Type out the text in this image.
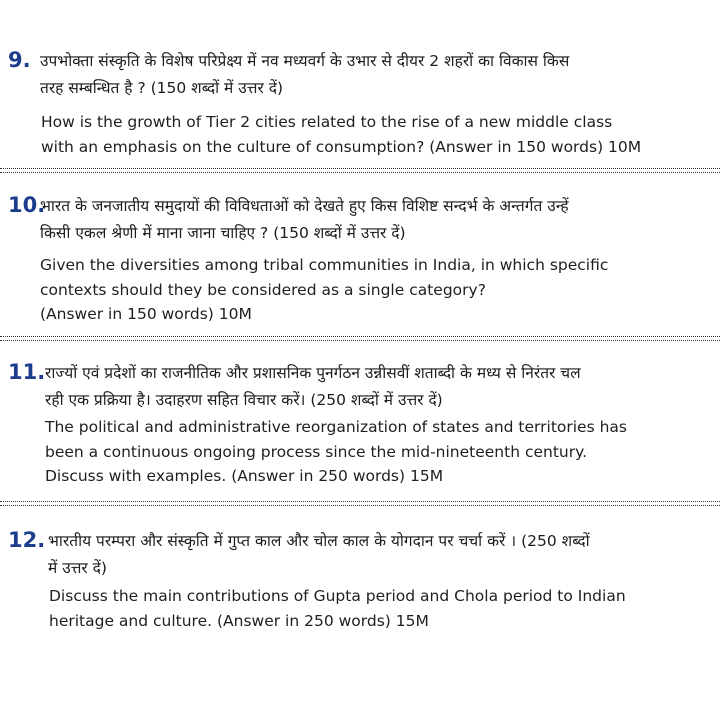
9. उपभोक्ता संस्कृति के विशेष परिप्रेक्ष्य में नव मध्यवर्ग के उभार से दीयर 2 शहरों का विकास किस
तरह सम्बन्धित है ? (150 शब्दों में उत्तर दें)
How is the growth of Tier 2 cities related to the rise of a new middle class
with an emphasis on the culture of consumption? (Answer in 150 words) 10M
10.
भारत के जनजातीय समुदायों की विविधताओं को देखते हुए किस विशिष्ट सन्दर्भ के अन्तर्गत उन्हें
किसी एकल श्रेणी में माना जाना चाहिए ? (150 शब्दों में उत्तर दें)
Given the diversities among tribal communities in India, in which specific
contexts should they be considered as a single category?
(Answer in 150 words) 10M
11. राज्यों एवं प्रदेशों का राजनीतिक और प्रशासनिक पुनर्गठन उन्नीसवीं शताब्दी के मध्य से निरंतर चल
रही एक प्रक्रिया है। उदाहरण सहित विचार करें। (250 शब्दों में उत्तर दें)
The political and administrative reorganization of states and territories has
been a continuous ongoing process since the mid-nineteenth century.
Discuss with examples. (Answer in 250 words) 15M
12. भारतीय परम्परा और संस्कृति में गुप्त काल और चोल काल के योगदान पर चर्चा करें । (250 शब्दों
में उत्तर दें)
Discuss the main contributions of Gupta period and Chola period to Indian
heritage and culture. (Answer in 250 words) 15M
